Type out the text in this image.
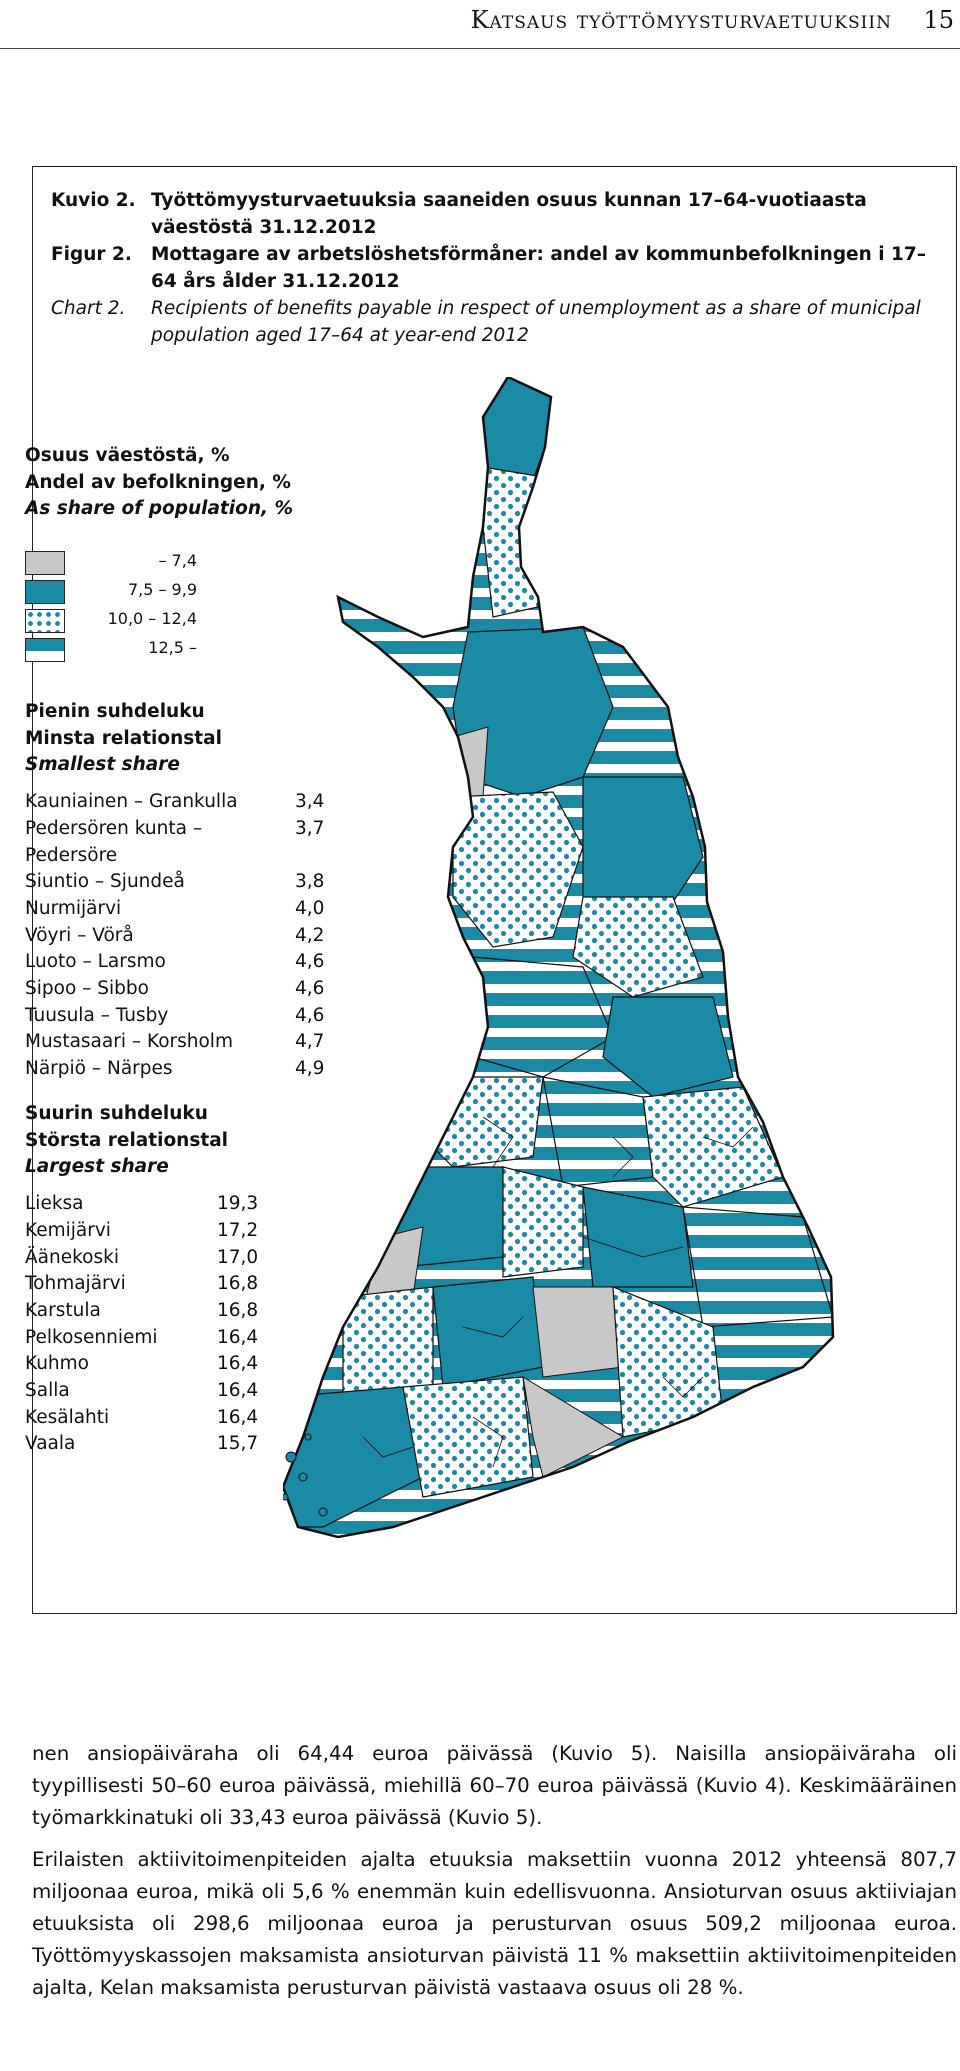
Katsaus työttömyysturvaetuuksiin 15
Kuvio 2. Työttömyysturvaetuuksia saaneiden osuus kunnan 17–64-vuotiaasta väestöstä 31.12.2012
Figur 2.	Mottagare av arbetslöshetsförmåner: andel av kommunbefolkningen i 17–64 års ålder 31.12.2012
Chart 2.	Recipients of benefits payable in respect of unemployment as a share of municipal population aged 17–64 at year-end 2012
Osuus väestöstä, %
Andel av befolkningen, %
As share of population, %
– 7,4
7,5 – 9,9
10,0 – 12,4
12,5 –
Pienin suhdeluku
Minsta relationstal
Smallest share
Kauniainen – Grankulla	3,4
Pedersören kunta – Pedersöre
3,7
Siuntio – Sjundeå	3,8
Nurmijärvi	4,0
Vöyri – Vörå	4,2
Luoto – Larsmo	4,6
Sipoo – Sibbo	4,6
Tuusula – Tusby	4,6
Mustasaari – Korsholm	4,7
Närpiö – Närpes	4,9
Suurin suhdeluku
Största relationstal
Largest share
Lieksa	19,3
Kemijärvi	17,2
Äänekoski	17,0
Tohmajärvi	16,8
Karstula	16,8
Pelkosenniemi	16,4
Kuhmo	16,4
Salla	16,4
Kesälahti	16,4
Vaala	15,7

nen ansiopäiväraha oli 64,44 euroa päivässä (Kuvio 5). Naisilla ansiopäiväraha oli tyypillisesti 50–60 euroa päivässä, miehillä 60–70 euroa päivässä (Kuvio 4). Keskimääräinen työmarkkinatuki oli 33,43 euroa päivässä (Kuvio 5).

Erilaisten aktiivitoimenpiteiden ajalta etuuksia maksettiin vuonna 2012 yhteensä 807,7 miljoonaa euroa, mikä oli 5,6 % enemmän kuin edellisvuonna. Ansioturvan osuus aktiiviajan etuuksista oli 298,6 miljoonaa euroa ja perusturvan osuus 509,2 miljoonaa euroa. Työttömyyskassojen maksamista ansioturvan päivistä 11 % maksettiin aktiivitoimenpiteiden ajalta, Kelan maksamista perusturvan päivistä vastaava osuus oli 28 %.
